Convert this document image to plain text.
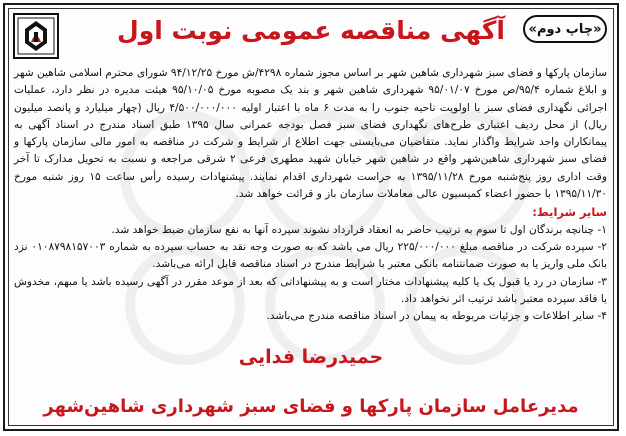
«چاپ دوم»
آگهی مناقصه عمومی نوبت اول

سازمان پارکها و فضای سبز شهرداری شاهین شهر بر اساس مجوز شماره ۴۲۹۸/ش مورخ ۹۴/۱۲/۲۵ شورای محترم اسلامی شاهین شهر و ابلاغ شماره ۹۵/۴/ص مورخ ۹۵/۰۱/۰۷ شهرداری شاهین شهر و بند یک مصوبه مورخ ۹۵/۱۰/۰۵ هیئت مدیره در نظر دارد، عملیات اجرائی نگهداری فضای سبز با اولویت ناحیه جنوب را به مدت ۶ ماه با اعتبار اولیه ۴/۵۰۰/۰۰۰/۰۰۰ ریال (چهار میلیارد و پانصد میلیون ریال) از محل ردیف اعتباری طرح‌های نگهداری فضای سبز فصل بودجه عمرانی سال ۱۳۹۵ طبق اسناد مندرج در اسناد آگهی به پیمانکاران واجد شرایط واگذار نماید. متقاضیان می‌بایستی جهت اطلاع از شرایط و شرکت در مناقصه به امور مالی سازمان پارکها و فضای سبز شهرداری شاهین‌شهر واقع در شاهین شهر خیابان شهید مطهری فرعی ۲ شرقی مراجعه و نسبت به تحویل مدارک تا آخر وقت اداری روز پنج‌شنبه مورخ ۱۳۹۵/۱۱/۲۸ به حراست شهرداری اقدام نمایند. پیشنهادات رسیده رأس ساعت ۱۵ روز شنبه مورخ ۱۳۹۵/۱۱/۳۰ با حضور اعضاء کمیسیون عالی معاملات سازمان باز و قرائت خواهد شد.

سایر شرایط:

۱- چنانچه برندگان اول تا سوم به ترتیب حاضر به انعقاد قرارداد نشوند سپرده آنها به نفع سازمان ضبط خواهد شد.

۲- سپرده شرکت در مناقصه مبلغ ۲۲۵/۰۰۰/۰۰۰ ریال می باشد که به صورت وجه نقد به حساب سپرده به شماره ۰۱۰۸۷۹۸۱۵۷۰۰۳ نزد بانک ملی واریز یا به صورت ضمانتنامه بانکی معتبر با شرایط مندرج در اسناد مناقصه قابل ارائه می‌باشد.

۳- سازمان در رد یا قبول یک یا کلیه پیشنهادات مختار است و به پیشنهاداتی که بعد از موعد مقرر در آگهی رسیده باشد یا مبهم، مخدوش یا فاقد سپرده معتبر باشد ترتیب اثر نخواهد داد.

۴- سایر اطلاعات و جزئیات مربوطه به پیمان در اسناد مناقصه مندرج می‌باشد.

حمیدرضا فدایی
مدیرعامل سازمان پارکها و فضای سبز شهرداری شاهین‌شهر
